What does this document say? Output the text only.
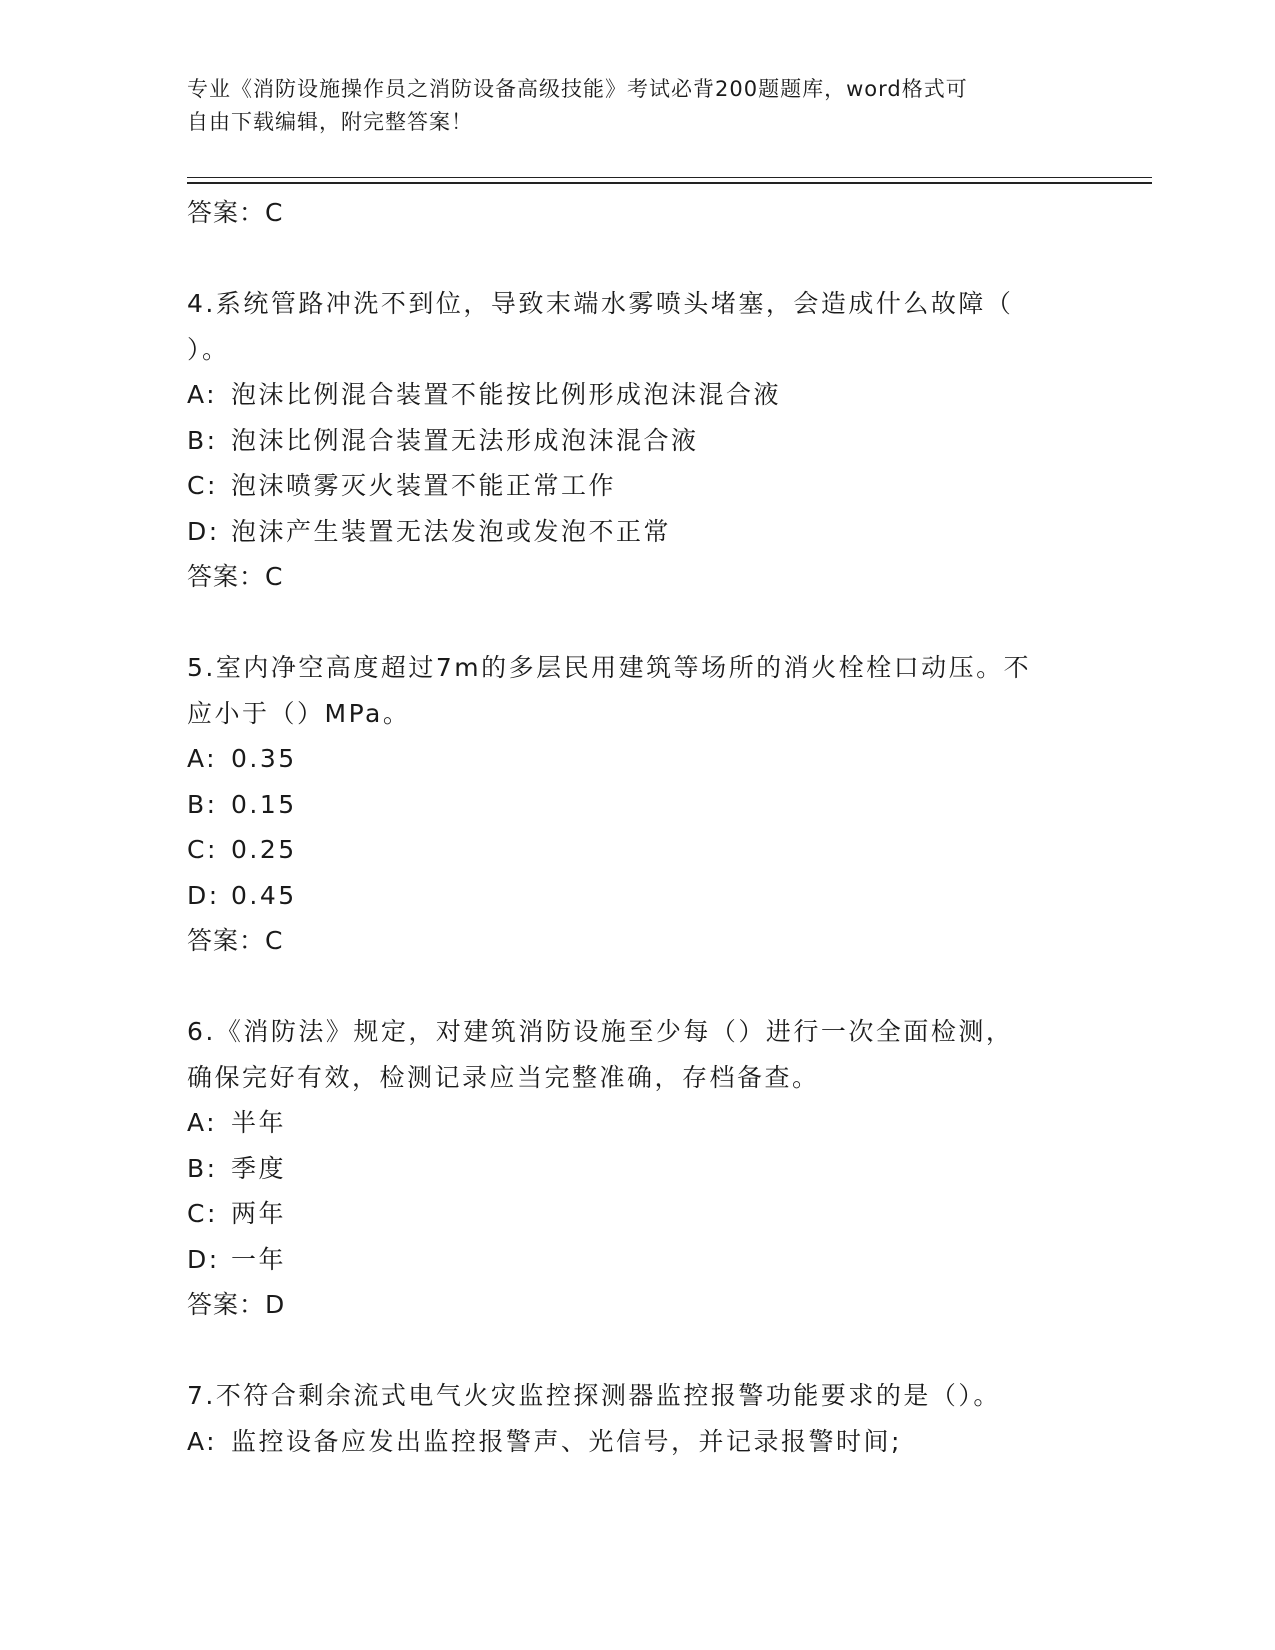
专业《消防设施操作员之消防设备高级技能》考试必背200题题库，word格式可
自由下载编辑，附完整答案！
答案：C
4.系统管路冲洗不到位，导致末端水雾喷头堵塞，会造成什么故障（
）。
A: 泡沫比例混合装置不能按比例形成泡沫混合液
B: 泡沫比例混合装置无法形成泡沫混合液
C: 泡沫喷雾灭火装置不能正常工作
D: 泡沫产生装置无法发泡或发泡不正常
答案：C
5.室内净空高度超过7m的多层民用建筑等场所的消火栓栓口动压。不
应小于（）MPa。
A: 0.35
B: 0.15
C: 0.25
D: 0.45
答案：C
6.《消防法》规定，对建筑消防设施至少每（）进行一次全面检测，
确保完好有效，检测记录应当完整准确，存档备查。
A: 半年
B: 季度
C: 两年
D: 一年
答案：D
7.不符合剩余流式电气火灾监控探测器监控报警功能要求的是（）。
A: 监控设备应发出监控报警声、光信号，并记录报警时间;
